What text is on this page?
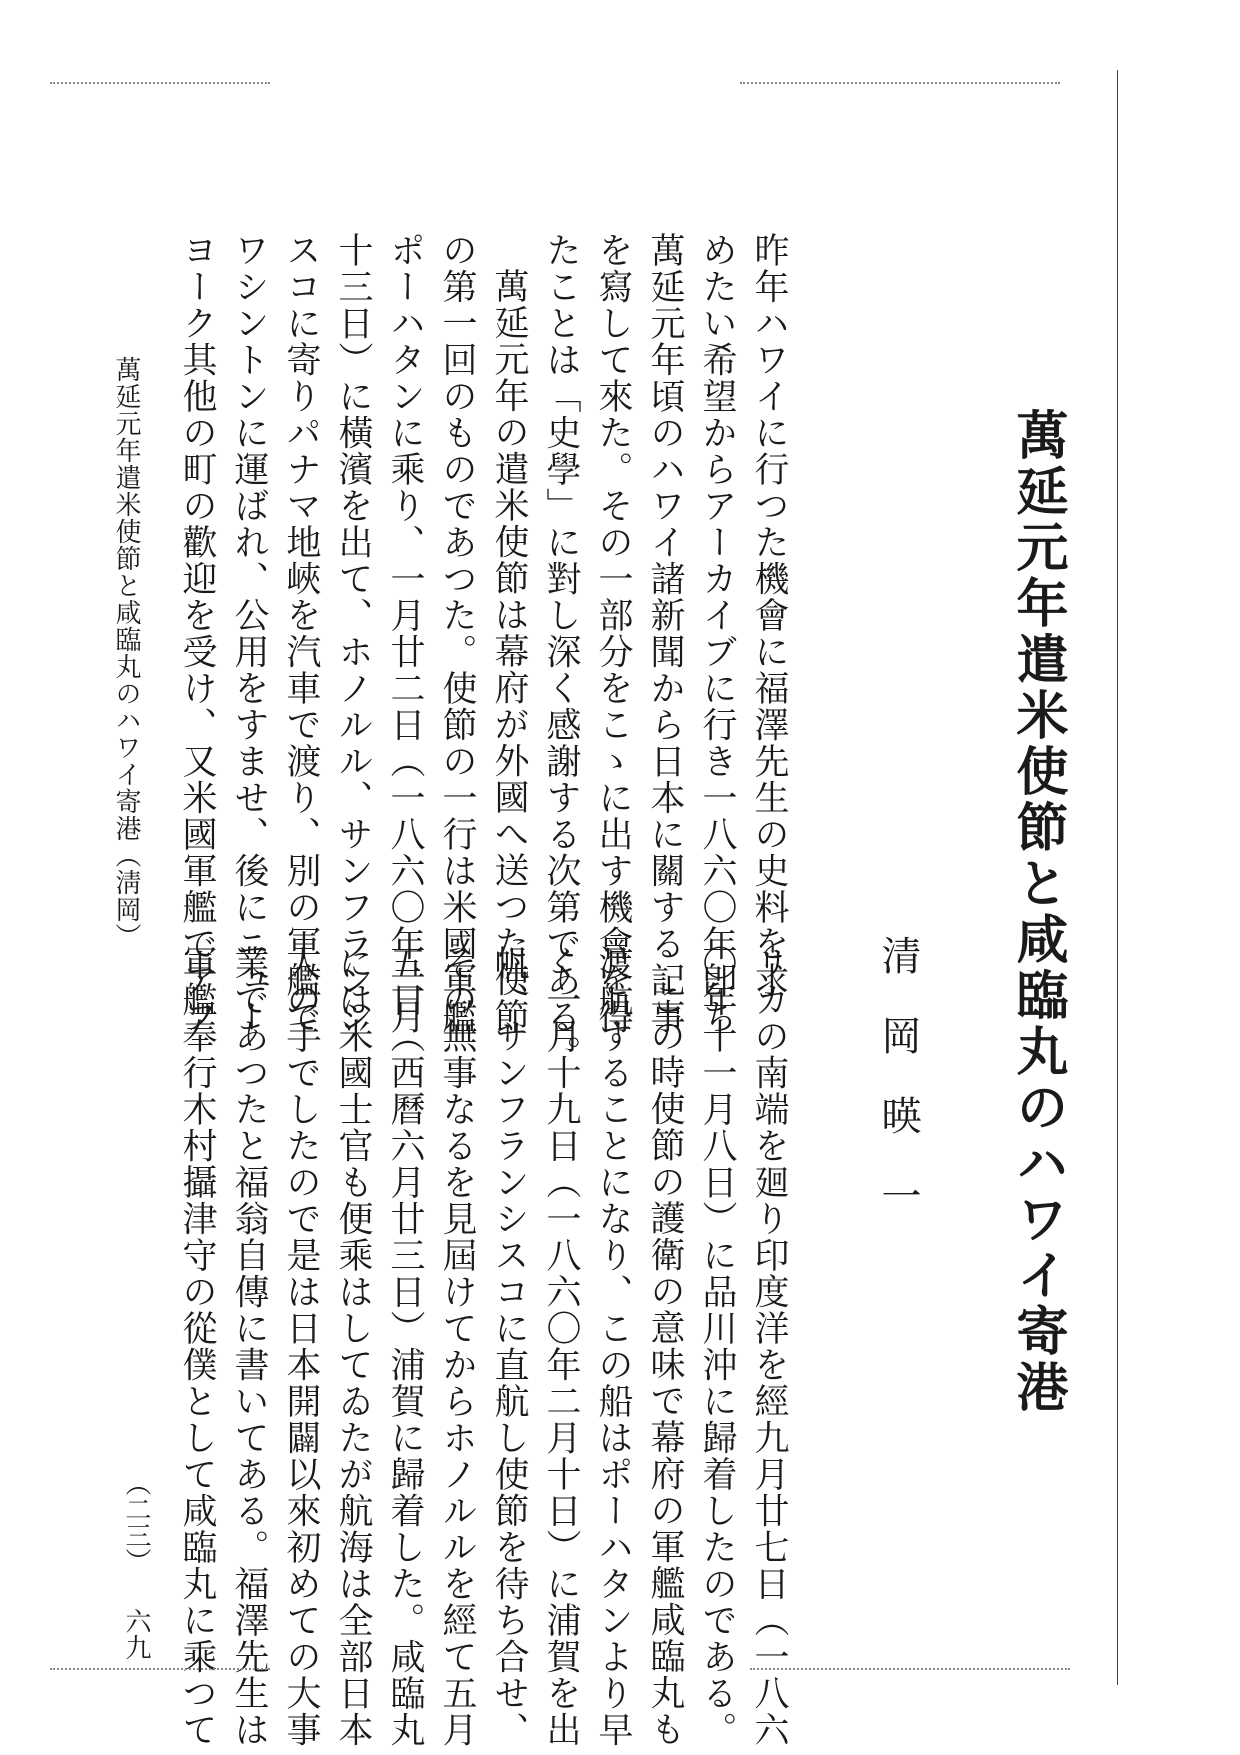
萬延元年遣米使節と咸臨丸のハワイ寄港
清岡暎一
昨年ハワイに行つた機會に福澤先生の史料を求
めたい希望からアーカイブに行き一八六〇年卽ち
萬延元年頃のハワイ諸新聞から日本に關する記事
を寫して來た。その一部分をこゝに出す機會を得
たことは「史學」に對し深く感謝する次第である。
萬延元年の遣米使節は幕府が外國へ送つた使節
の第一回のものであつた。使節の一行は米國軍艦
ポーハタンに乘り、一月廿二日（一八六〇年二月
十三日）に橫濱を出て、ホノルル、サンフランシ
スコに寄りパナマ地峽を汽車で渡り、別の軍艦で
ワシントンに運ばれ、公用をすませ、後にニュー
ヨーク其他の町の歡迎を受け、又米國軍艦でアフ
リカの南端を廻り印度洋を經九月廿七日（一八六
〇年十一月八日）に品川沖に歸着したのである。
この時使節の護衛の意味で幕府の軍艦咸臨丸も
渡航することになり、この船はポーハタンより早
く一月十九日（一八六〇年二月十日）に浦賀を出
帆、サンフランシスコに直航し使節を待ち合せ、
その無事なるを見屆けてからホノルルを經て五月
五日（西曆六月廿三日）浦賀に歸着した。咸臨丸
には米國士官も便乘はしてゐたが航海は全部日本
人の手でしたので是は日本開闢以來初めての大事
業であつたと福翁自傳に書いてある。福澤先生は
軍艦奉行木村攝津守の從僕として咸臨丸に乘つて
萬延元年遣米使節と咸臨丸のハワイ寄港（淸岡）
（二三）
六九
